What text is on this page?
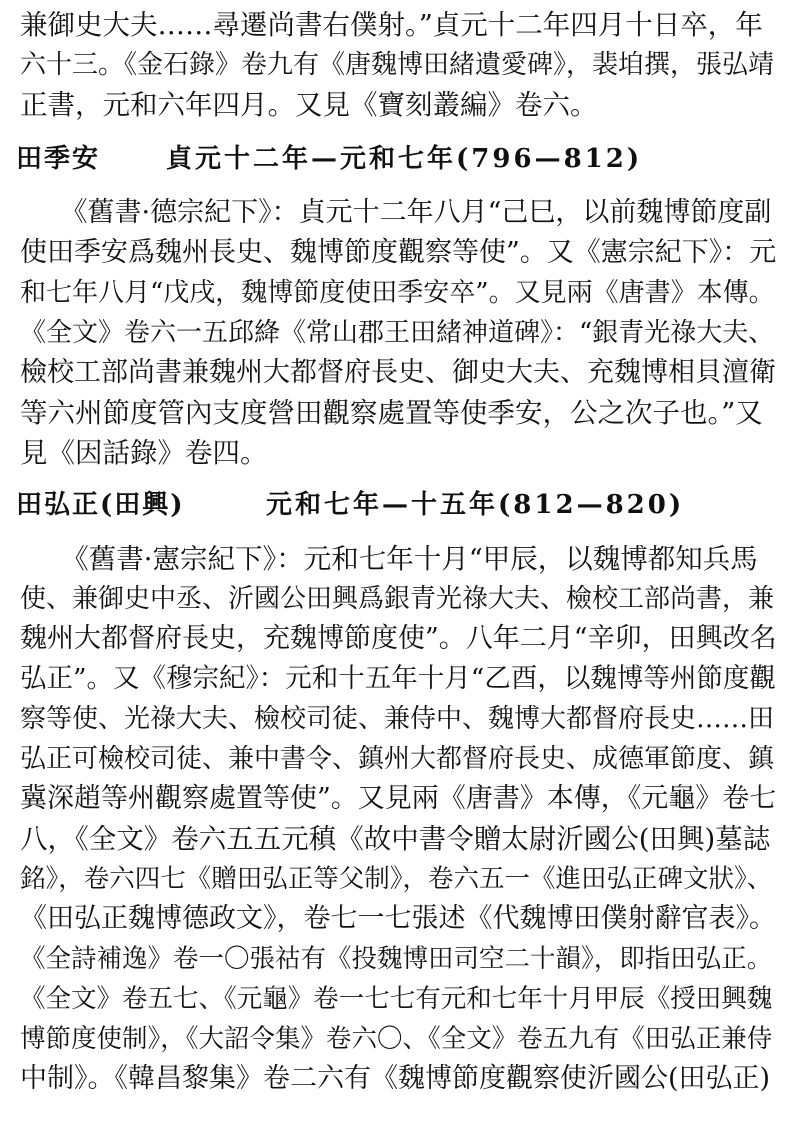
兼御史大夫……尋遷尚書右僕射。”貞元十二年四月十日卒，年
六十三。《金石錄》卷九有《唐魏博田緒遺愛碑》，裴垍撰，張弘靖
正書，元和六年四月。又見《寶刻叢編》卷六。
田季安	貞元十二年—元和七年(796—812)
　　《舊書·德宗紀下》：貞元十二年八月“己巳，以前魏博節度副
使田季安爲魏州長史、魏博節度觀察等使”。又《憲宗紀下》：元
和七年八月“戊戌，魏博節度使田季安卒”。又見兩《唐書》本傳。
《全文》卷六一五邱絳《常山郡王田緒神道碑》：“銀青光祿大夫、
檢校工部尚書兼魏州大都督府長史、御史大夫、充魏博相貝澶衛
等六州節度管內支度營田觀察處置等使季安，公之次子也。”又
見《因話錄》卷四。
田弘正(田興)	元和七年—十五年(812—820)
　　《舊書·憲宗紀下》：元和七年十月“甲辰，以魏博都知兵馬
使、兼御史中丞、沂國公田興爲銀青光祿大夫、檢校工部尚書，兼
魏州大都督府長史，充魏博節度使”。八年二月“辛卯，田興改名
弘正”。又《穆宗紀》：元和十五年十月“乙酉，以魏博等州節度觀
察等使、光祿大夫、檢校司徒、兼侍中、魏博大都督府長史……田
弘正可檢校司徒、兼中書令、鎮州大都督府長史、成德軍節度、鎮
冀深趙等州觀察處置等使”。又見兩《唐書》本傳，《元龜》卷七
八，《全文》卷六五五元稹《故中書令贈太尉沂國公(田興)墓誌
銘》，卷六四七《贈田弘正等父制》，卷六五一《進田弘正碑文狀》、
《田弘正魏博德政文》，卷七一七張述《代魏博田僕射辭官表》。
《全詩補逸》卷一〇張祜有《投魏博田司空二十韻》，即指田弘正。
《全文》卷五七、《元龜》卷一七七有元和七年十月甲辰《授田興魏
博節度使制》，《大詔令集》卷六〇、《全文》卷五九有《田弘正兼侍
中制》。《韓昌黎集》卷二六有《魏博節度觀察使沂國公(田弘正)
